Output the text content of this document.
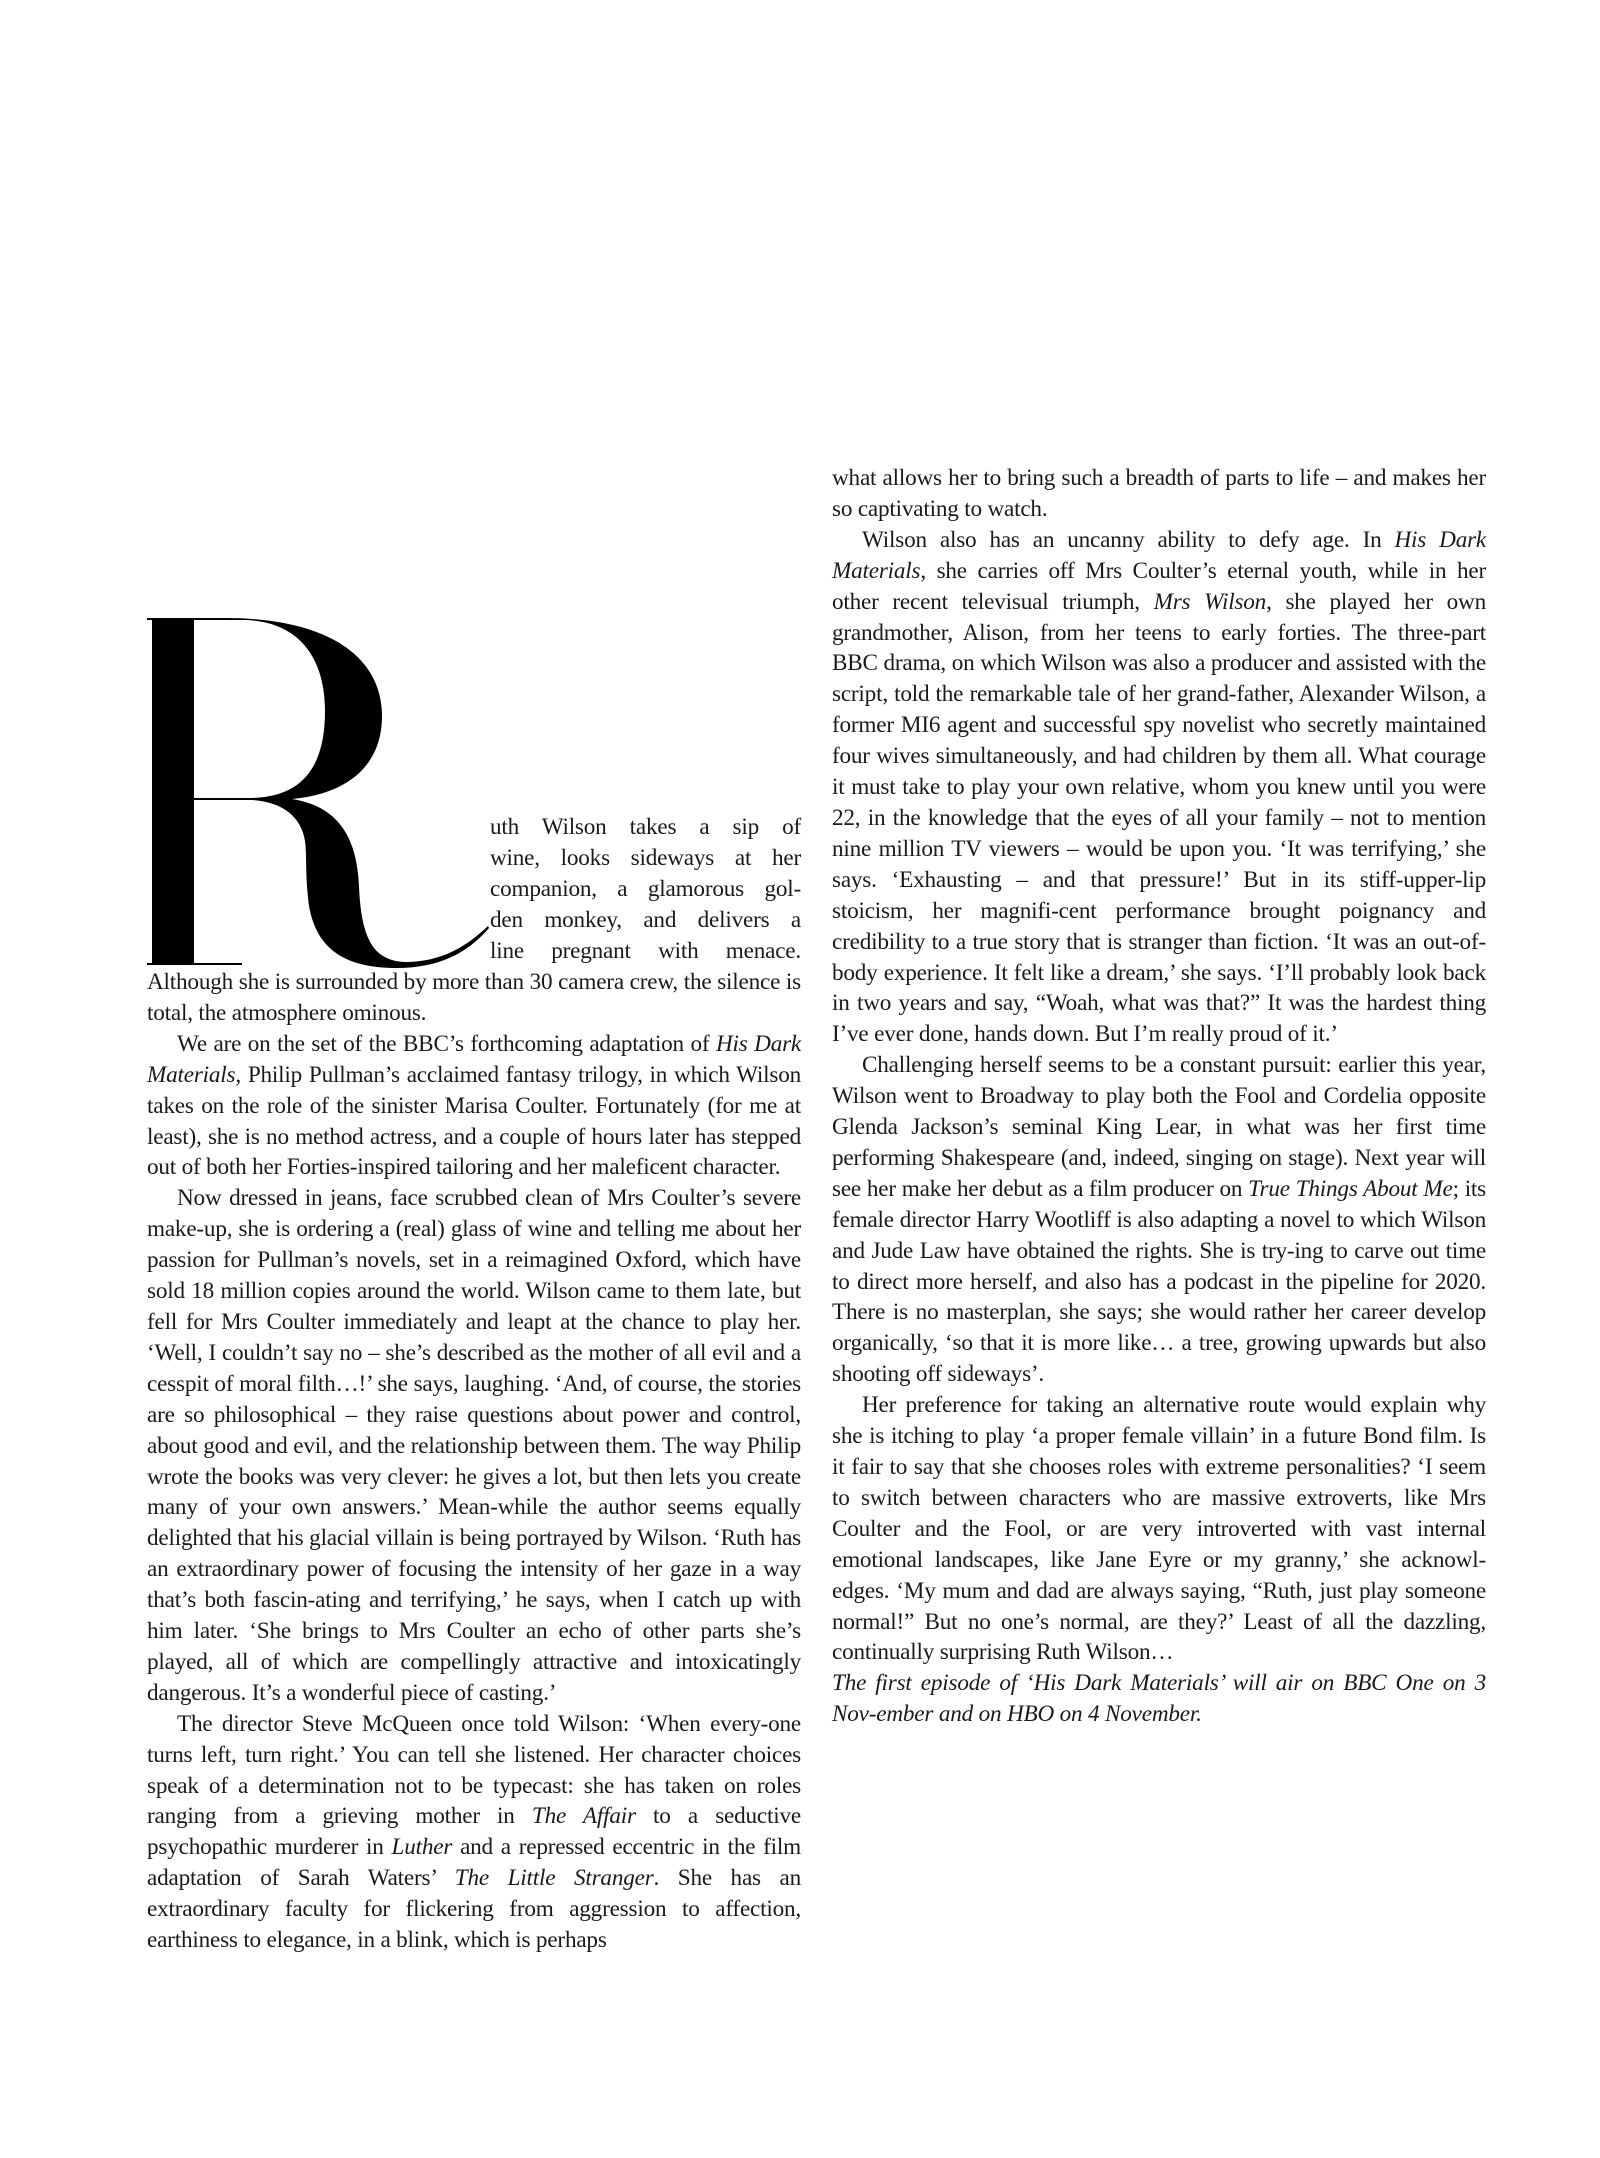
uth Wilson takes a sip of
wine, looks sideways at her
companion, a glamorous gol-
den monkey, and delivers a
line pregnant with menace.

Although she is surrounded by more than 30 camera crew, the silence is total, the atmosphere ominous.

We are on the set of the BBC’s forthcoming adaptation of His Dark Materials, Philip Pullman’s acclaimed fantasy trilogy, in which Wilson takes on the role of the sinister Marisa Coulter. Fortunately (for me at least), she is no method actress, and a couple of hours later has stepped out of both her Forties-inspired tailoring and her maleficent character.

Now dressed in jeans, face scrubbed clean of Mrs Coulter’s severe make-up, she is ordering a (real) glass of wine and telling me about her passion for Pullman’s novels, set in a reimagined Oxford, which have sold 18 million copies around the world. Wilson came to them late, but fell for Mrs Coulter immediately and leapt at the chance to play her. ‘Well, I couldn’t say no – she’s described as the mother of all evil and a cesspit of moral filth…!’ she says, laughing. ‘And, of course, the stories are so philosophical – they raise questions about power and control, about good and evil, and the relationship between them. The way Philip wrote the books was very clever: he gives a lot, but then lets you create many of your own answers.’ Mean-while the author seems equally delighted that his glacial villain is being portrayed by Wilson. ‘Ruth has an extraordinary power of focusing the intensity of her gaze in a way that’s both fascin-ating and terrifying,’ he says, when I catch up with him later. ‘She brings to Mrs Coulter an echo of other parts she’s played, all of which are compellingly attractive and intoxicatingly dangerous. It’s a wonderful piece of casting.’

The director Steve McQueen once told Wilson: ‘When every-one turns left, turn right.’ You can tell she listened. Her character choices speak of a determination not to be typecast: she has taken on roles ranging from a grieving mother in The Affair to a seductive psychopathic murderer in Luther and a repressed eccentric in the film adaptation of Sarah Waters’ The Little Stranger. She has an extraordinary faculty for flickering from aggression to affection, earthiness to elegance, in a blink, which is perhaps

what allows her to bring such a breadth of parts to life – and makes her so captivating to watch.

Wilson also has an uncanny ability to defy age. In His Dark Materials, she carries off Mrs Coulter’s eternal youth, while in her other recent televisual triumph, Mrs Wilson, she played her own grandmother, Alison, from her teens to early forties. The three-part BBC drama, on which Wilson was also a producer and assisted with the script, told the remarkable tale of her grand-father, Alexander Wilson, a former MI6 agent and successful spy novelist who secretly maintained four wives simultaneously, and had children by them all. What courage it must take to play your own relative, whom you knew until you were 22, in the knowledge that the eyes of all your family – not to mention nine million TV viewers – would be upon you. ‘It was terrifying,’ she says. ‘Exhausting – and that pressure!’ But in its stiff-upper-lip stoicism, her magnifi-cent performance brought poignancy and credibility to a true story that is stranger than fiction. ‘It was an out-of-body experience. It felt like a dream,’ she says. ‘I’ll probably look back in two years and say, “Woah, what was that?” It was the hardest thing I’ve ever done, hands down. But I’m really proud of it.’

Challenging herself seems to be a constant pursuit: earlier this year, Wilson went to Broadway to play both the Fool and Cordelia opposite Glenda Jackson’s seminal King Lear, in what was her first time performing Shakespeare (and, indeed, singing on stage). Next year will see her make her debut as a film producer on True Things About Me; its female director Harry Wootliff is also adapting a novel to which Wilson and Jude Law have obtained the rights. She is try-ing to carve out time to direct more herself, and also has a podcast in the pipeline for 2020. There is no masterplan, she says; she would rather her career develop organically, ‘so that it is more like… a tree, growing upwards but also shooting off sideways’.

Her preference for taking an alternative route would explain why she is itching to play ‘a proper female villain’ in a future Bond film. Is it fair to say that she chooses roles with extreme personalities? ‘I seem to switch between characters who are massive extroverts, like Mrs Coulter and the Fool, or are very introverted with vast internal emotional landscapes, like Jane Eyre or my granny,’ she acknowl-edges. ‘My mum and dad are always saying, “Ruth, just play someone normal!” But no one’s normal, are they?’ Least of all the dazzling, continually surprising Ruth Wilson…

The first episode of ‘His Dark Materials’ will air on BBC One on 3 Nov-ember and on HBO on 4 November.
